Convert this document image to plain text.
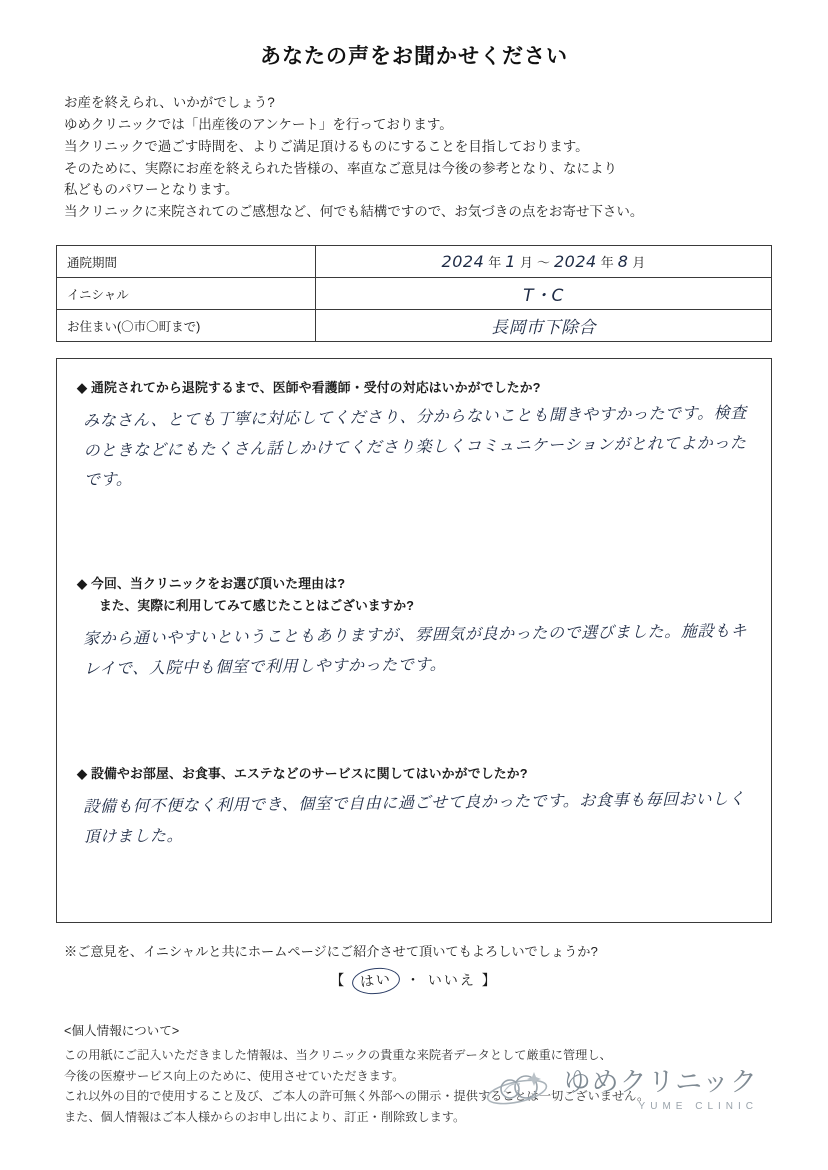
あなたの声をお聞かせください
お産を終えられ、いかがでしょう?
ゆめクリニックでは「出産後のアンケート」を行っております。
当クリニックで過ごす時間を、よりご満足頂けるものにすることを目指しております。
そのために、実際にお産を終えられた皆様の、率直なご意見は今後の参考となり、なにより
私どものパワーとなります。
当クリニックに来院されてのご感想など、何でも結構ですので、お気づきの点をお寄せ下さい。
通院期間	2024 年 1 月 〜 2024 年 8 月

イニシャル	T・C

お住まい(〇市〇町まで)	長岡市下除合
◆ 通院されてから退院するまで、医師や看護師・受付の対応はいかがでしたか?
みなさん、とても丁寧に対応してくださり、分からないことも聞きやすかったです。検査のときなどにもたくさん話しかけてくださり楽しくコミュニケーションがとれてよかったです。
◆ 今回、当クリニックをお選び頂いた理由は?
また、実際に利用してみて感じたことはございますか?
家から通いやすいということもありますが、雰囲気が良かったので選びました。施設もキレイで、入院中も個室で利用しやすかったです。
◆ 設備やお部屋、お食事、エステなどのサービスに関してはいかがでしたか?
設備も何不便なく利用でき、個室で自由に過ごせて良かったです。お食事も毎回おいしく頂けました。
※ご意見を、イニシャルと共にホームページにご紹介させて頂いてもよろしいでしょうか?
【 はい ・ いいえ 】
<個人情報について>
この用紙にご記入いただきました情報は、当クリニックの貴重な来院者データとして厳重に管理し、
今後の医療サービス向上のために、使用させていただきます。
これ以外の目的で使用すること及び、ご本人の許可無く外部への開示・提供することは一切ございません。
また、個人情報はご本人様からのお申し出により、訂正・削除致します。
ゆめクリニック
YUME CLINIC
